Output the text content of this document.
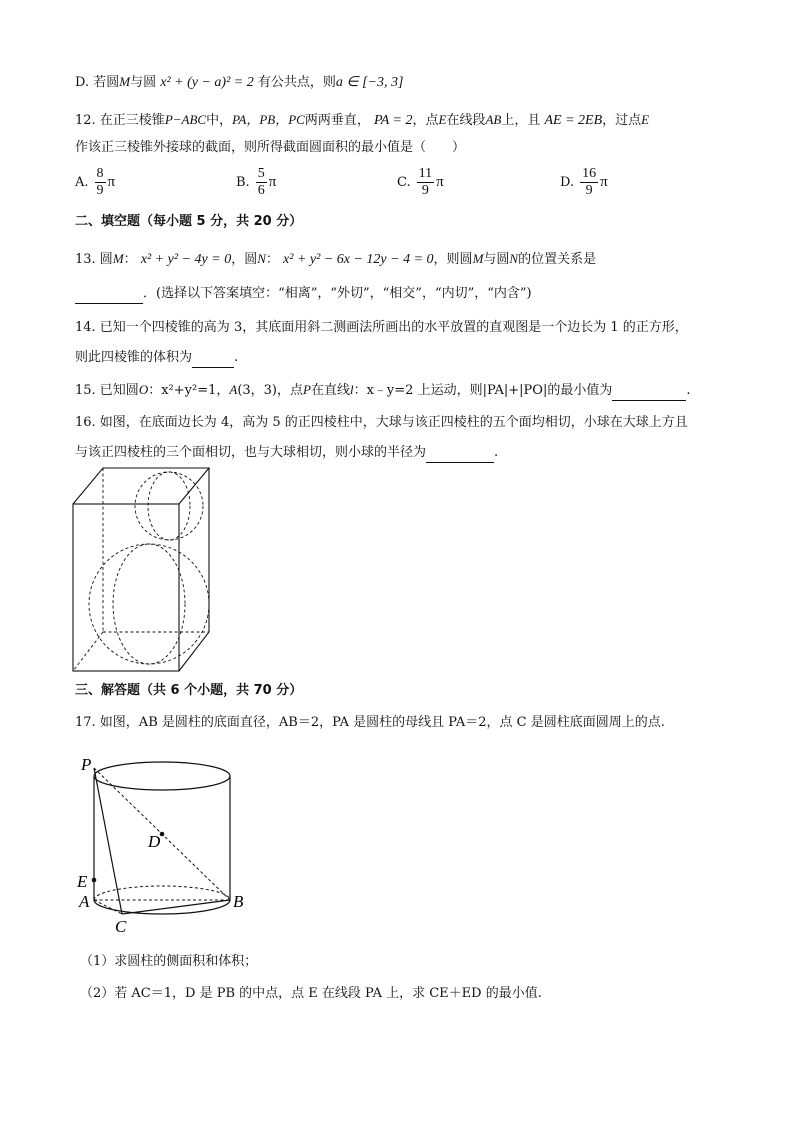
D. 若圆M与圆 x² + (y − a)² = 2 有公共点，则a ∈ [−3, 3]
12. 在正三棱锥P−ABC中，PA，PB，PC两两垂直， PA = 2，点E在线段AB上，且 AE = 2EB，过点E
作该正三棱锥外接球的截面，则所得截面圆面积的最小值是（　　）
A. $\frac{8}{9}$ π	B. $\frac{5}{6}$ π	C. $\frac{11}{9}$ π	D. $\frac{16}{9}$ π
二、填空题（每小题 5 分，共 20 分）
13. 圆M： x² + y² − 4y = 0，圆N： x² + y² − 6x − 12y − 4 = 0，则圆M与圆N的位置关系是
．(选择以下答案填空：“相离”，“外切”，“相交”，“内切”，“内含”)
14. 已知一个四棱锥的高为 3，其底面用斜二测画法所画出的水平放置的直观图是一个边长为 1 的正方形，
则此四棱锥的体积为	.
15. 已知圆O：x²+y²=1，A(3，3)，点P在直线l：x﹣y=2 上运动，则|PA|+|PO|的最小值为	.
16. 如图，在底面边长为 4，高为 5 的正四棱柱中，大球与该正四棱柱的五个面均相切，小球在大球上方且
与该正四棱柱的三个面相切，也与大球相切，则小球的半径为	.
三、解答题（共 6 个小题，共 70 分）
17. 如图，AB 是圆柱的底面直径，AB＝2，PA 是圆柱的母线且 PA＝2，点 C 是圆柱底面圆周上的点.
P
D
E
A	B
C
（1）求圆柱的侧面积和体积；
（2）若 AC＝1，D 是 PB 的中点，点 E 在线段 PA 上，求 CE＋ED 的最小值.
